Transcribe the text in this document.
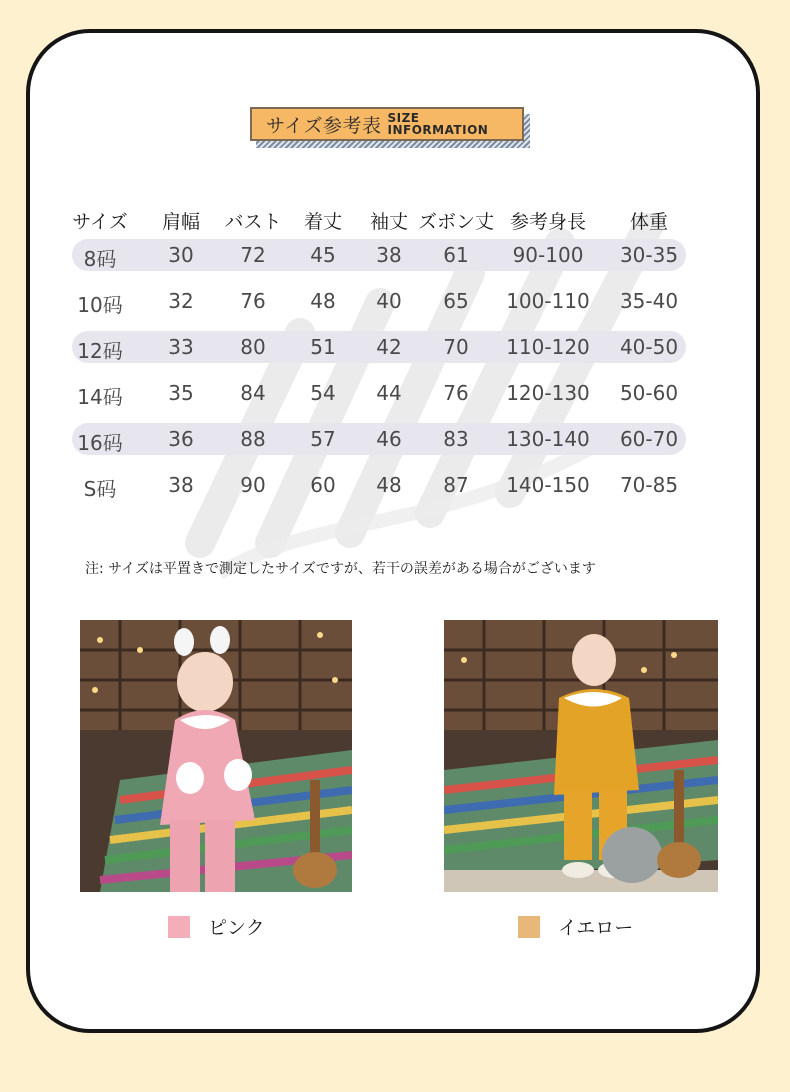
サイズ参考表 SIZE
INFORMATION
サイズ 肩幅 バスト 着丈 袖丈 ズボン丈 参考身長 体重
8码	30 72 45 38 61 90-100 30-35
10码 32 76 48 40 65 100-110 35-40
12码 33 80 51 42 70 110-120 40-50
14码 35 84 54 44 76 120-130 50-60
16码 36 88 57 46 83 130-140 60-70
S码	38 90 60 48 87 140-150 70-85
注: サイズは平置きで測定したサイズですが、若干の誤差がある場合がございます
ピンク	イエロー
